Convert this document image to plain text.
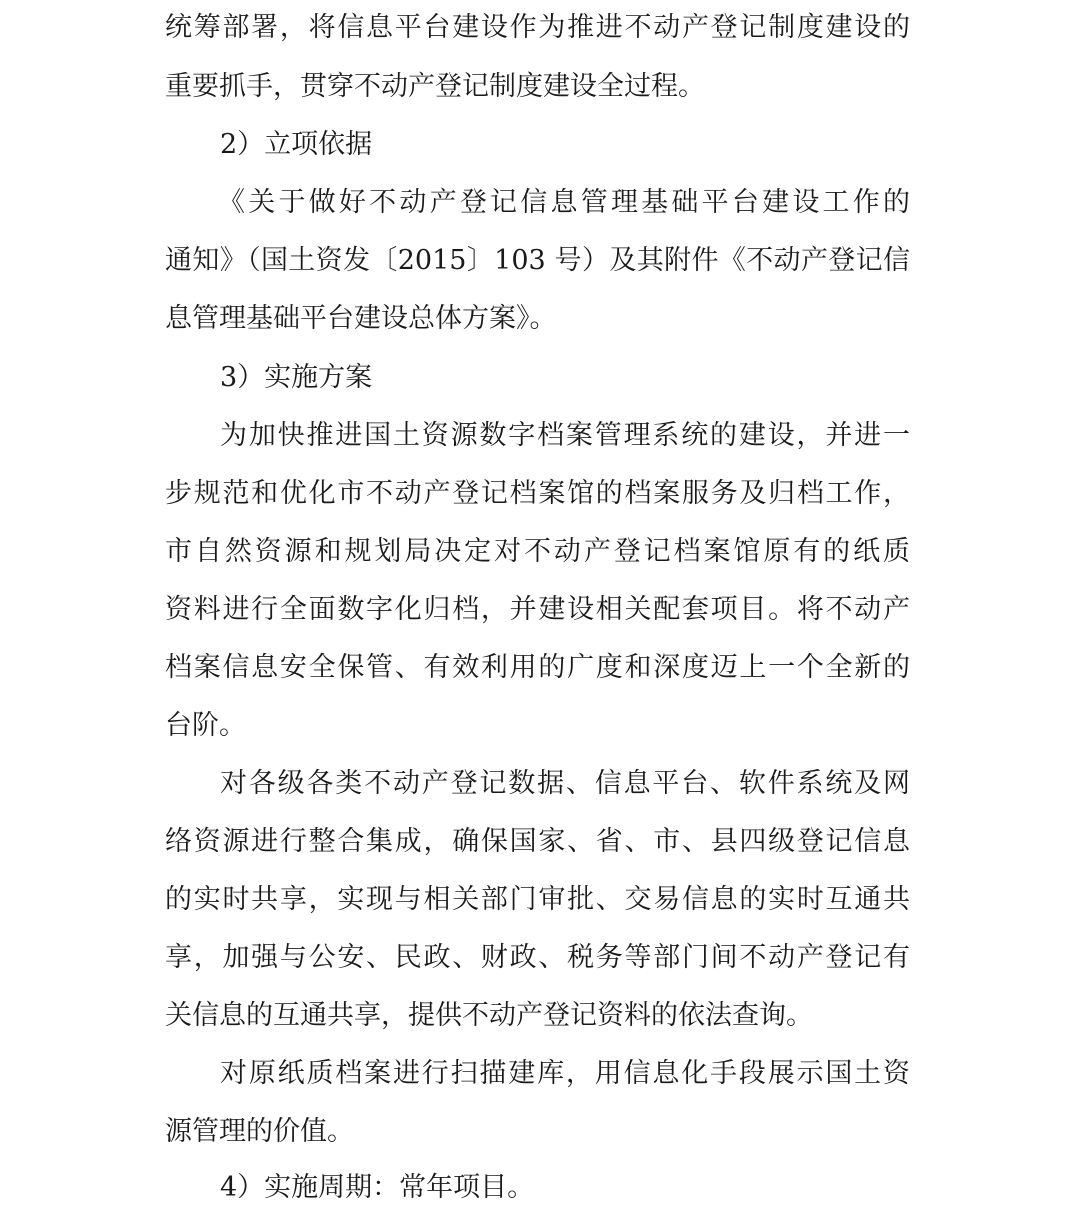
统筹部署，将信息平台建设作为推进不动产登记制度建设的
重要抓手，贯穿不动产登记制度建设全过程。
2）立项依据
《关于做好不动产登记信息管理基础平台建设工作的
通知》（国土资发〔2015〕103 号）及其附件《不动产登记信
息管理基础平台建设总体方案》。
3）实施方案
为加快推进国土资源数字档案管理系统的建设，并进一
步规范和优化市不动产登记档案馆的档案服务及归档工作，
市自然资源和规划局决定对不动产登记档案馆原有的纸质
资料进行全面数字化归档，并建设相关配套项目。将不动产
档案信息安全保管、有效利用的广度和深度迈上一个全新的
台阶。
对各级各类不动产登记数据、信息平台、软件系统及网
络资源进行整合集成，确保国家、省、市、县四级登记信息
的实时共享，实现与相关部门审批、交易信息的实时互通共
享，加强与公安、民政、财政、税务等部门间不动产登记有
关信息的互通共享，提供不动产登记资料的依法查询。
对原纸质档案进行扫描建库，用信息化手段展示国土资
源管理的价值。
4）实施周期：常年项目。
